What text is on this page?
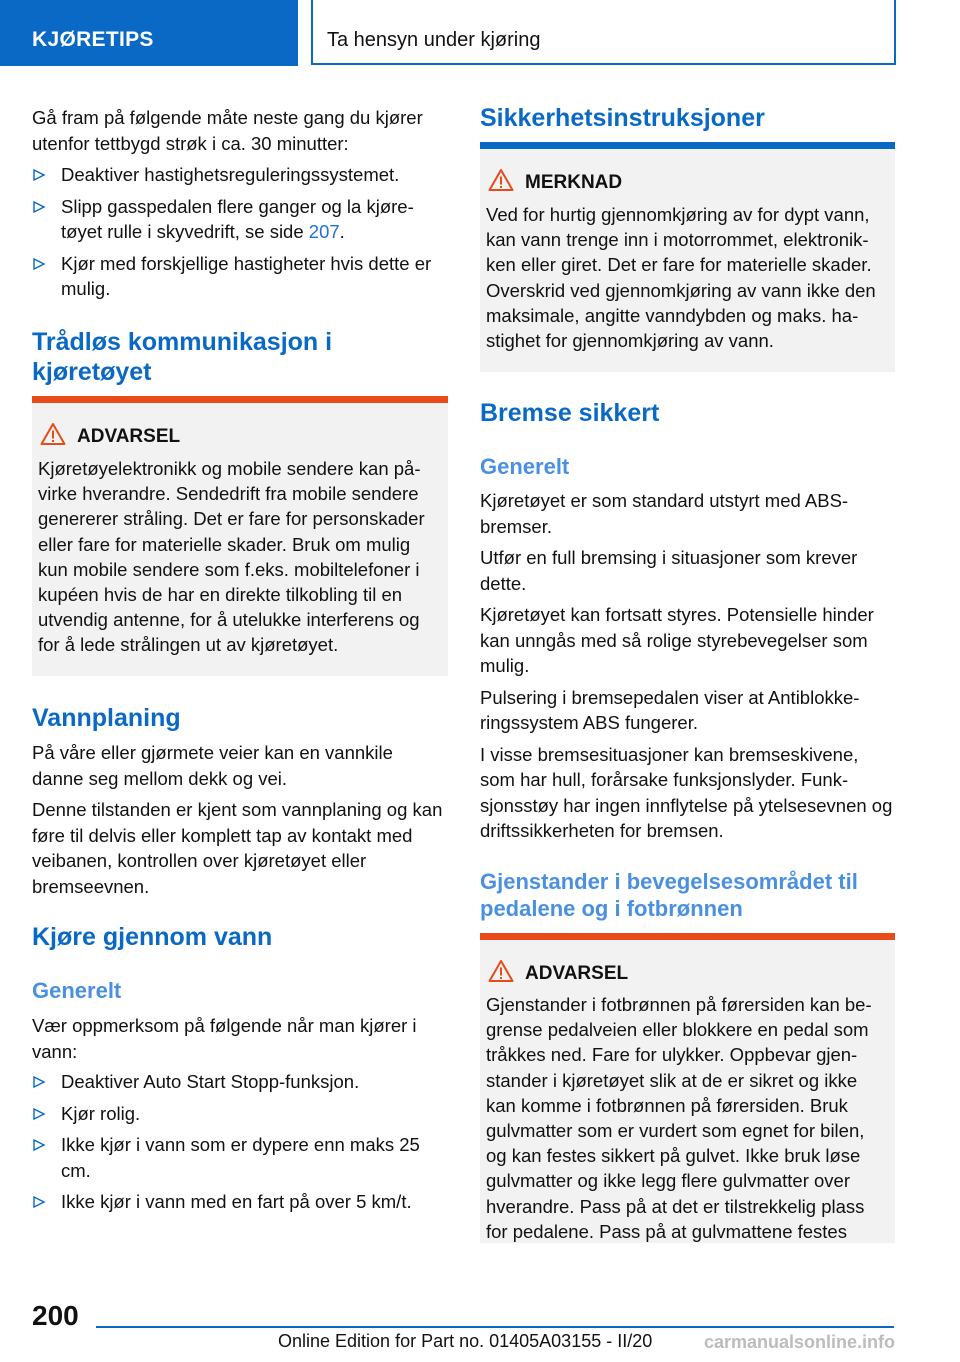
KJØRETIPS	Ta hensyn under kjøring

Gå fram på følgende måte neste gang du kjører utenfor tettbygd strøk i ca. 30 minutter:

Deaktiver hastighetsreguleringssystemet.
Slipp gasspedalen flere ganger og la kjøre-tøyet rulle i skyvedrift, se side 207.
Kjør med forskjellige hastigheter hvis dette er mulig.
Trådløs kommunikasjon i
kjøretøyet
ADVARSEL

Kjøretøyelektronikk og mobile sendere kan på-virke hverandre. Sendedrift fra mobile sendere genererer stråling. Det er fare for personskader eller fare for materielle skader. Bruk om mulig kun mobile sendere som f.eks. mobiltelefoner i kupéen hvis de har en direkte tilkobling til en utvendig antenne, for å utelukke interferens og for å lede strålingen ut av kjøretøyet.

Vannplaning

På våre eller gjørmete veier kan en vannkile danne seg mellom dekk og vei.

Denne tilstanden er kjent som vannplaning og kan føre til delvis eller komplett tap av kontakt med veibanen, kontrollen over kjøretøyet eller bremseevnen.

Kjøre gjennom vann
Generelt

Vær oppmerksom på følgende når man kjører i vann:

Deaktiver Auto Start Stopp-funksjon.
Kjør rolig.
Ikke kjør i vann som er dypere enn maks 25 cm.
Ikke kjør i vann med en fart på over 5 km/t.
Sikkerhetsinstruksjoner
MERKNAD

Ved for hurtig gjennomkjøring av for dypt vann, kan vann trenge inn i motorrommet, elektronik-ken eller giret. Det er fare for materielle skader. Overskrid ved gjennomkjøring av vann ikke den maksimale, angitte vanndybden og maks. ha-stighet for gjennomkjøring av vann.

Bremse sikkert
Generelt

Kjøretøyet er som standard utstyrt med ABS-bremser.

Utfør en full bremsing i situasjoner som krever dette.

Kjøretøyet kan fortsatt styres. Potensielle hinder kan unngås med så rolige styrebevegelser som mulig.

Pulsering i bremsepedalen viser at Antiblokke-ringssystem ABS fungerer.

I visse bremsesituasjoner kan bremseskivene, som har hull, forårsake funksjonslyder. Funk-sjonsstøy har ingen innflytelse på ytelsesevnen og driftssikkerheten for bremsen.

Gjenstander i bevegelsesområdet til
pedalene og i fotbrønnen
ADVARSEL

Gjenstander i fotbrønnen på førersiden kan be-grense pedalveien eller blokkere en pedal som tråkkes ned. Fare for ulykker. Oppbevar gjen-stander i kjøretøyet slik at de er sikret og ikke kan komme i fotbrønnen på førersiden. Bruk gulvmatter som er vurdert som egnet for bilen, og kan festes sikkert på gulvet. Ikke bruk løse gulvmatter og ikke legg flere gulvmatter over hverandre. Pass på at det er tilstrekkelig plass for pedalene. Pass på at gulvmattene festes

200
Online Edition for Part no. 01405A03155 - II/20	carmanualsonline.info
